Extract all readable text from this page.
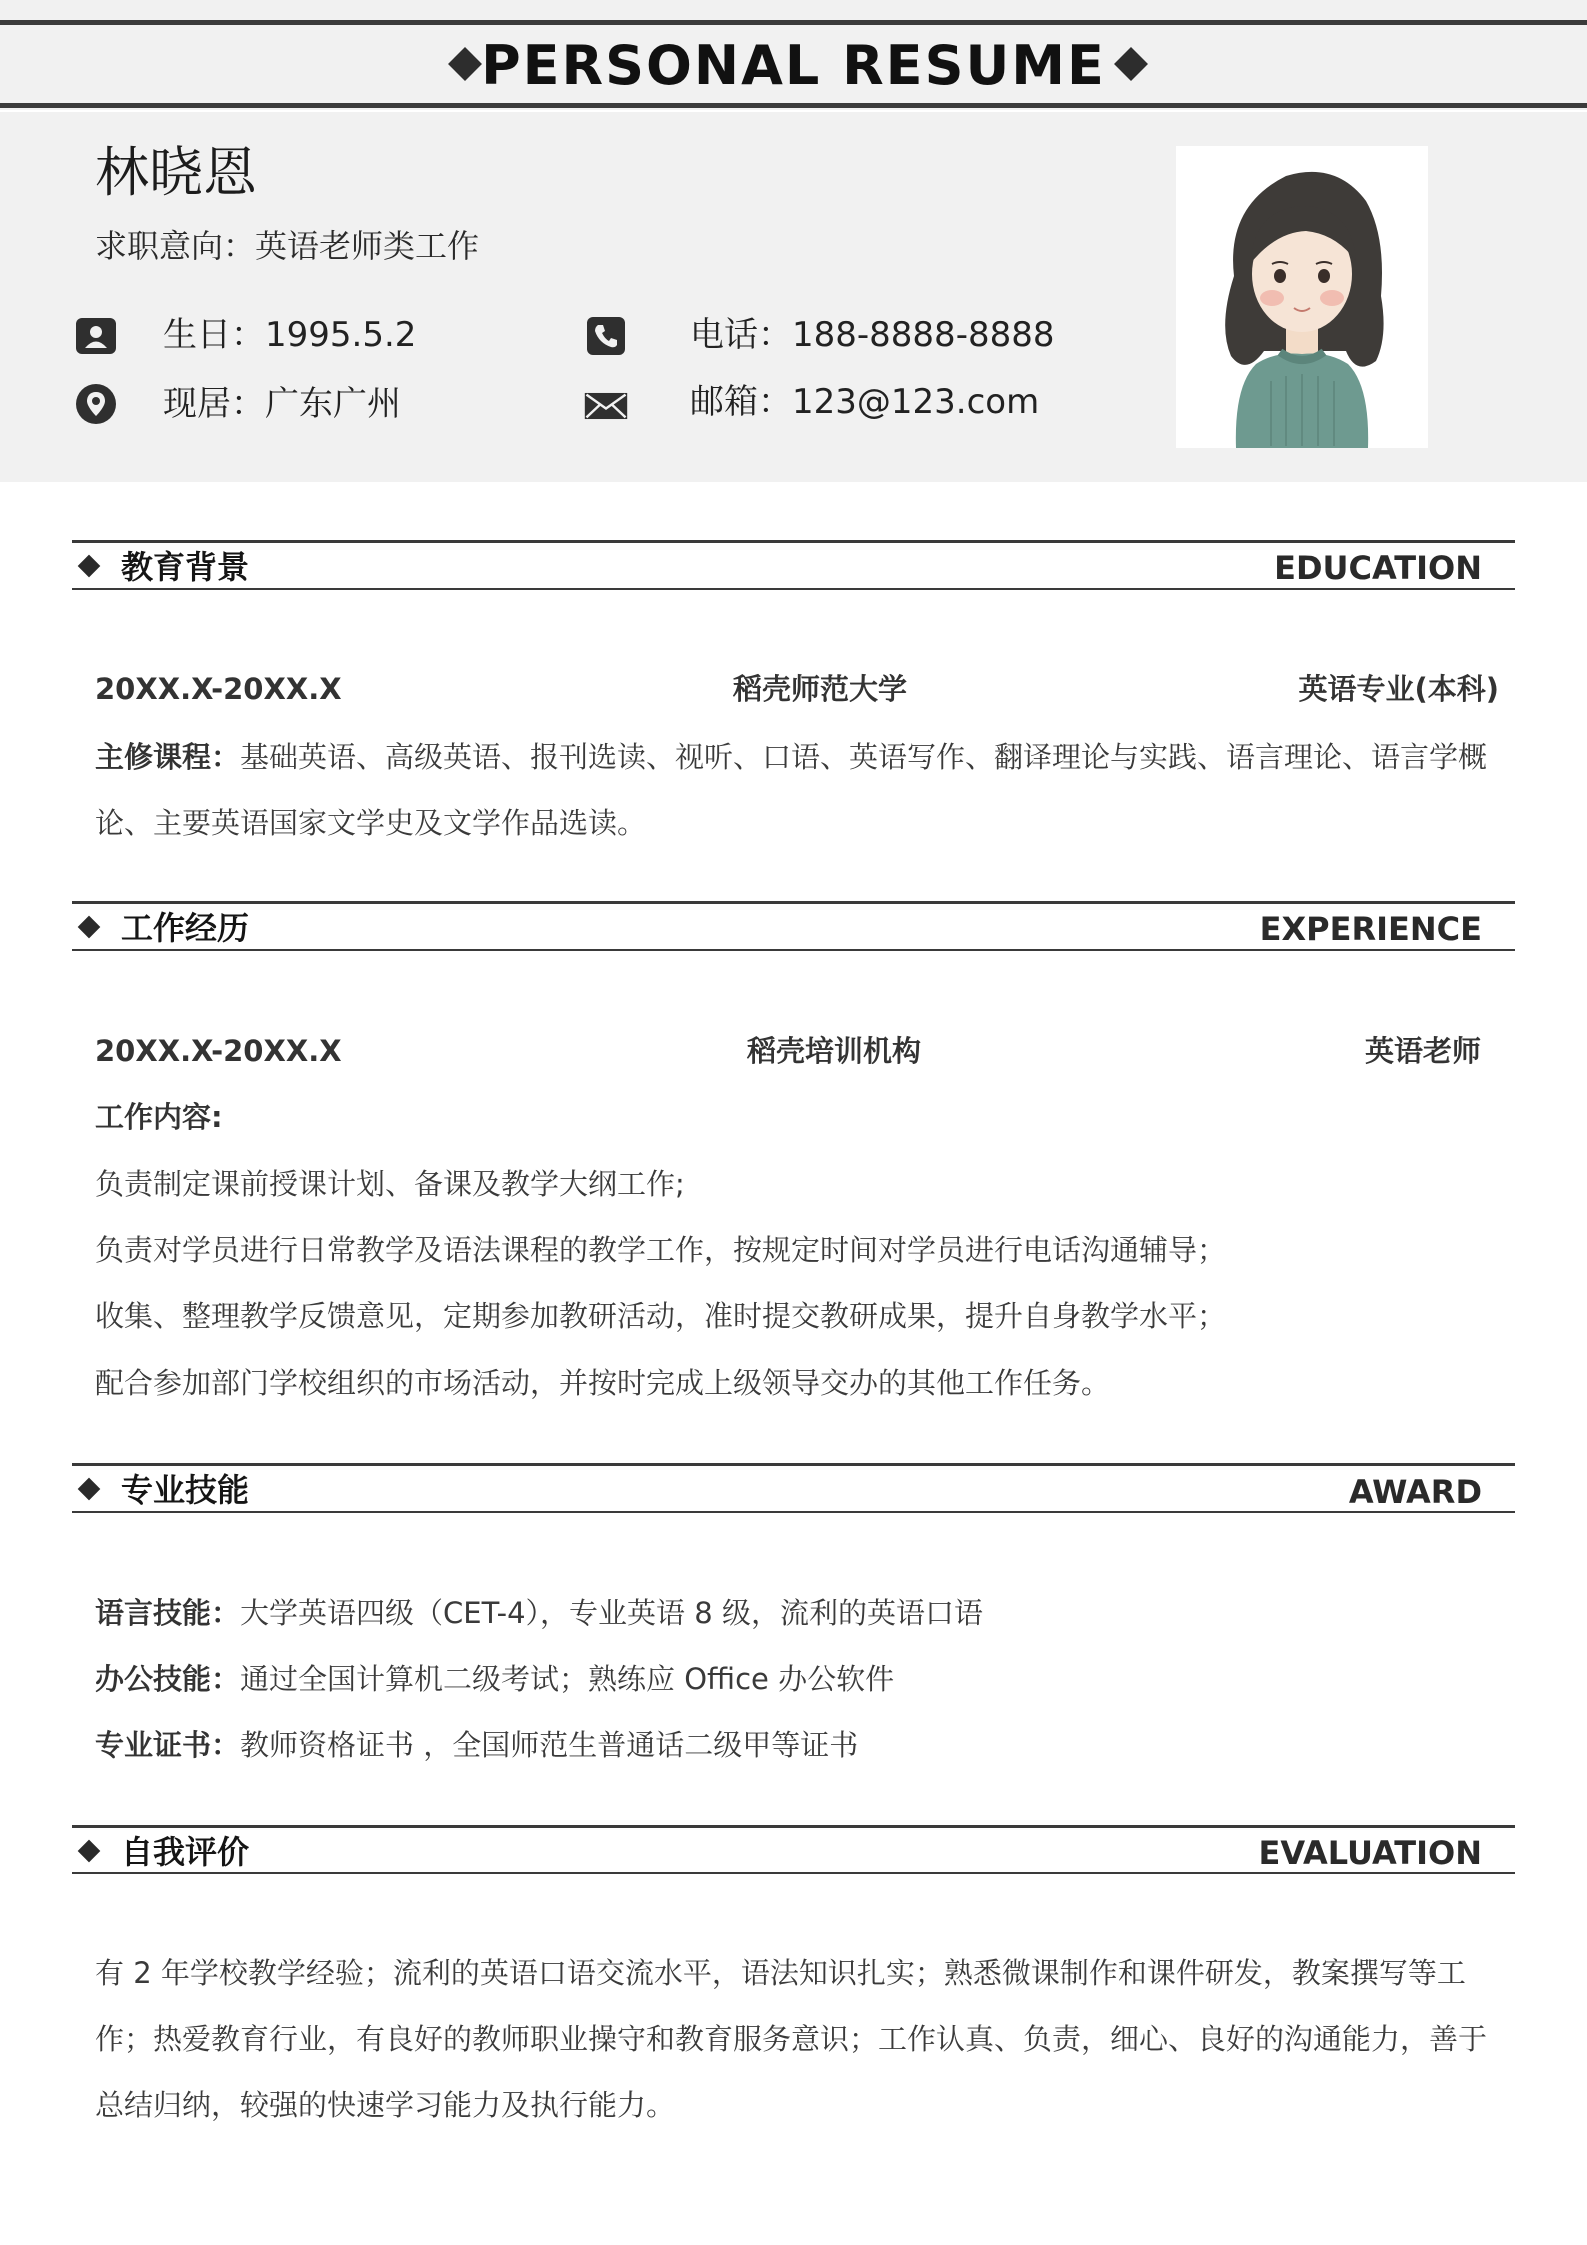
PERSONAL RESUME
林晓恩
求职意向：英语老师类工作
生日：1995.5.2
现居：广东广州
电话：188-8888-8888
邮箱：123@123.com
教育背景	EDUCATION
20XX.X-20XX.X	稻壳师范大学	英语专业(本科)
主修课程：基础英语、高级英语、报刊选读、视听、口语、英语写作、翻译理论与实践、语言理论、语言学概论、主要英语国家文学史及文学作品选读。
工作经历	EXPERIENCE
20XX.X-20XX.X	稻壳培训机构	英语老师
工作内容:
负责制定课前授课计划、备课及教学大纲工作;
负责对学员进行日常教学及语法课程的教学工作，按规定时间对学员进行电话沟通辅导；
收集、整理教学反馈意见，定期参加教研活动，准时提交教研成果，提升自身教学水平；
配合参加部门学校组织的市场活动，并按时完成上级领导交办的其他工作任务。
专业技能	AWARD
语言技能：大学英语四级（CET-4），专业英语 8 级，流利的英语口语
办公技能：通过全国计算机二级考试；熟练应 Office 办公软件
专业证书：教师资格证书 ，全国师范生普通话二级甲等证书
自我评价	EVALUATION
有 2 年学校教学经验；流利的英语口语交流水平，语法知识扎实；熟悉微课制作和课件研发，教案撰写等工作；热爱教育行业，有良好的教师职业操守和教育服务意识；工作认真、负责，细心、良好的沟通能力，善于总结归纳，较强的快速学习能力及执行能力。
